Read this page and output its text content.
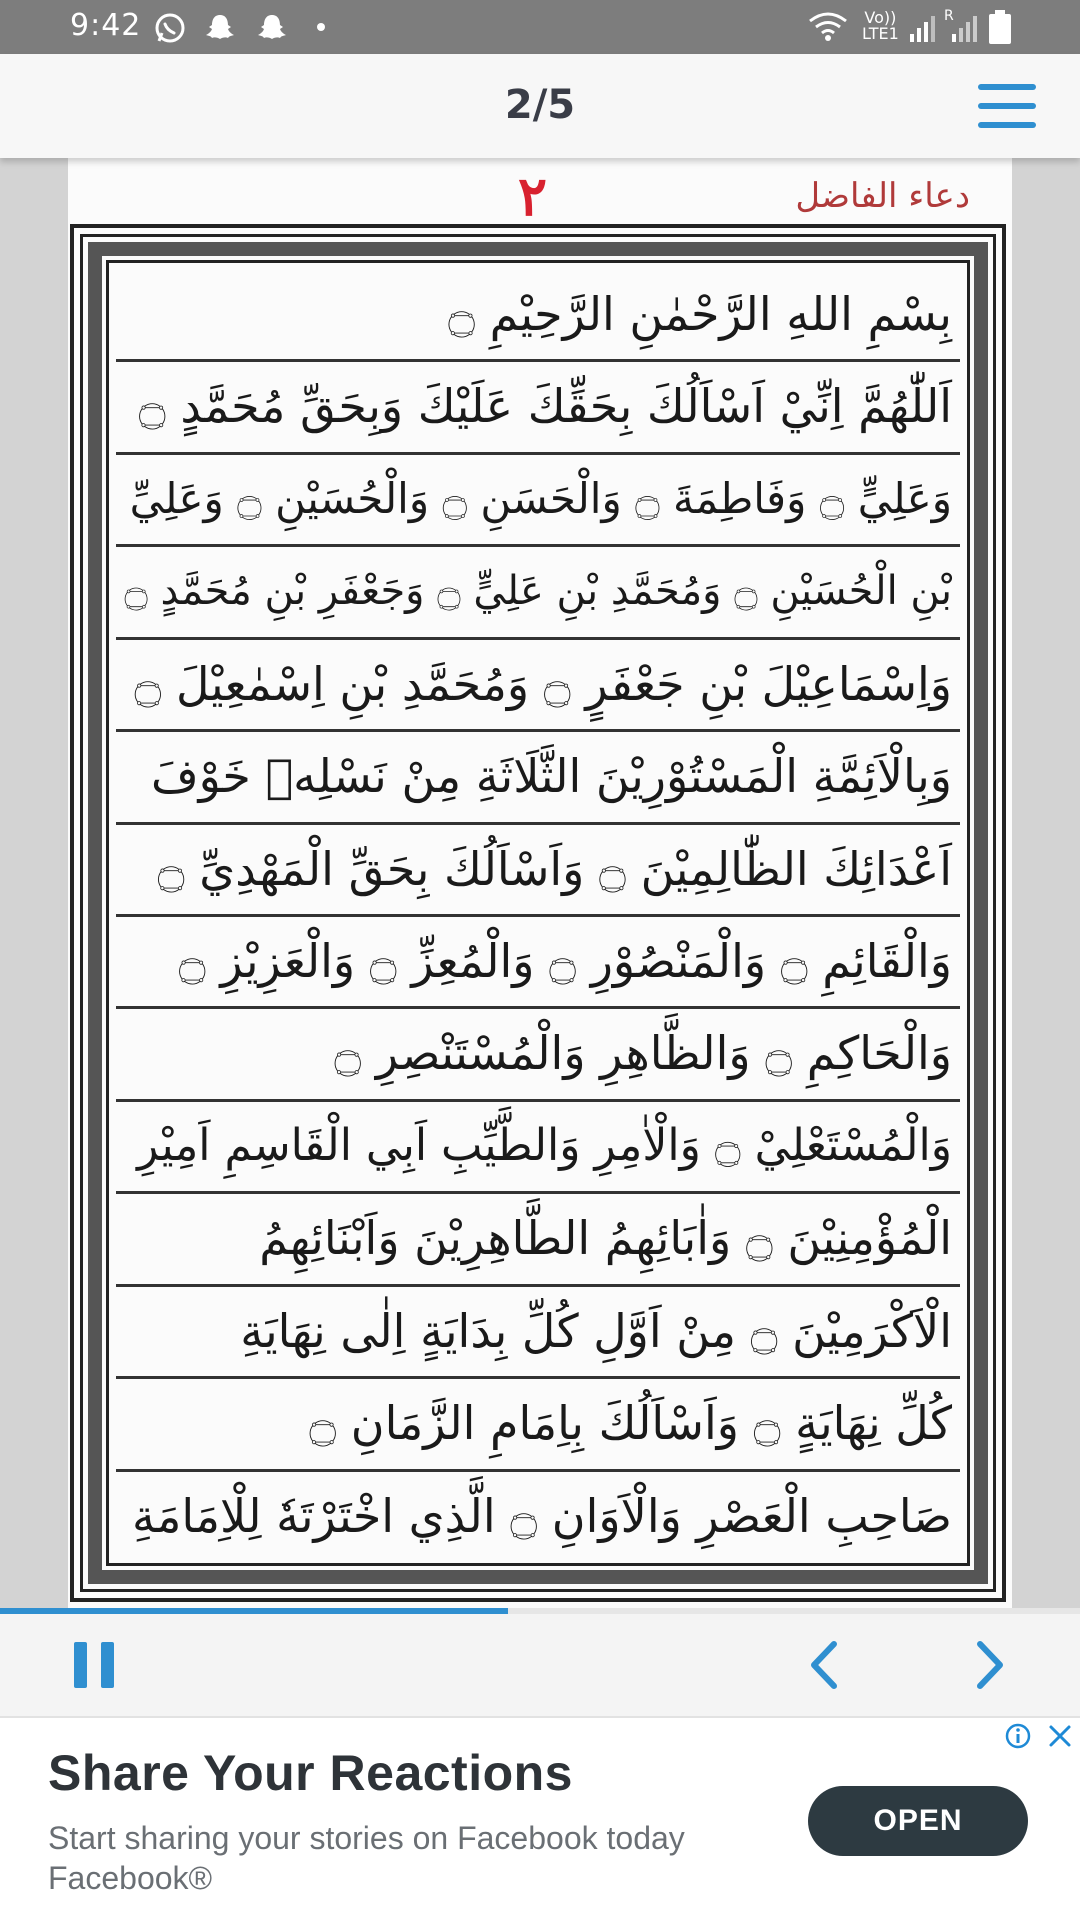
9:42	Vo))
LTE1
R
2/5
دعاء الفاضل
٢
بِسْمِ اللهِ الرَّحْمٰنِ الرَّحِيْمِ ۝
اَللّٰهُمَّ اِنِّيْ اَسْاَلُكَ بِحَقِّكَ عَلَيْكَ وَبِحَقِّ مُحَمَّدٍ ۝
وَعَلِيٍّ ۝ وَفَاطِمَةَ ۝ وَالْحَسَنِ ۝ وَالْحُسَيْنِ ۝ وَعَلِيِّ
بْنِ الْحُسَيْنِ ۝ وَمُحَمَّدِ بْنِ عَلِيٍّ ۝ وَجَعْفَرِ بْنِ مُحَمَّدٍ ۝
وَاِسْمَاعِيْلَ بْنِ جَعْفَرٍ ۝ وَمُحَمَّدِ بْنِ اِسْمٰعِيْلَ ۝
وَبِالْاَئِمَّةِ الْمَسْتُوْرِيْنَ الثَّلَاثَةِ مِنْ نَسْلِهٖ خَوْفَ
اَعْدَائِكَ الظّٰالِمِيْنَ ۝ وَاَسْاَلُكَ بِحَقِّ الْمَهْدِيِّ ۝
وَالْقَائِمِ ۝ وَالْمَنْصُوْرِ ۝ وَالْمُعِزِّ ۝ وَالْعَزِيْزِ ۝
وَالْحَاكِمِ ۝ وَالظَّاهِرِ وَالْمُسْتَنْصِرِ ۝
وَالْمُسْتَعْلِيْ ۝ وَالْاٰمِرِ وَالطَّيِّبِ اَبِي الْقَاسِمِ اَمِيْرِ
الْمُؤْمِنِيْنَ ۝ وَاٰبَائِهِمُ الطَّاهِرِيْنَ وَاَبْنَائِهِمُ
الْاَكْرَمِيْنَ ۝ مِنْ اَوَّلِ كُلِّ بِدَايَةٍ اِلٰى نِهَايَةِ
كُلِّ نِهَايَةٍ ۝ وَاَسْاَلُكَ بِاِمَامِ الزَّمَانِ ۝
صَاحِبِ الْعَصْرِ وَالْاَوَانِ ۝ الَّذِي اخْتَرْتَهٗ لِلْاِمَامَةِ
Share Your Reactions
Start sharing your stories on Facebook today Facebook®
OPEN
